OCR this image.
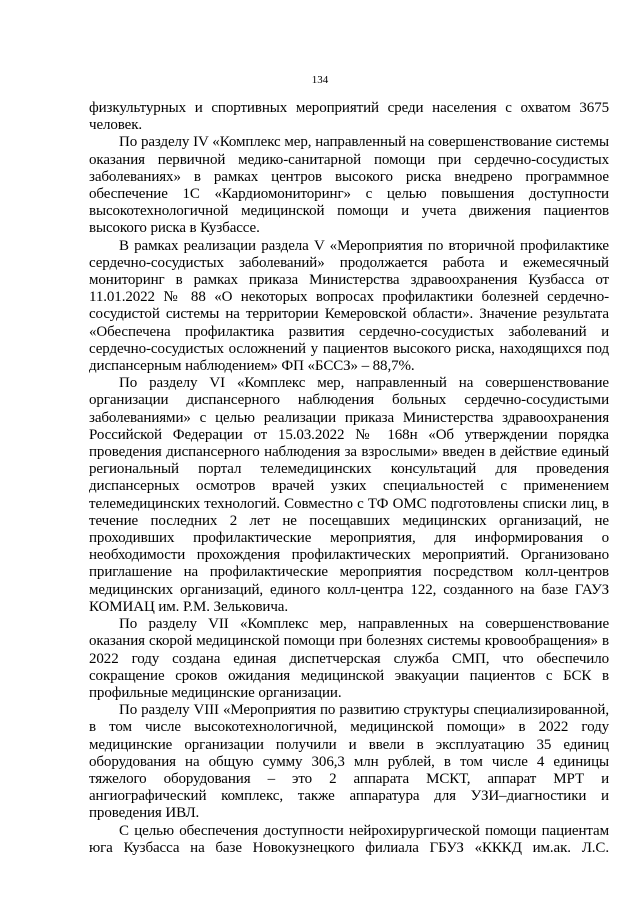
134

физкультурных и спортивных мероприятий среди населения с охватом 3675 человек.

По разделу IV «Комплекс мер, направленный на совершенствование системы оказания первичной медико-санитарной помощи при сердечно-сосудистых заболеваниях» в рамках центров высокого риска внедрено программное обеспечение 1С «Кардиомониторинг» с целью повышения доступности высокотехнологичной медицинской помощи и учета движения пациентов высокого риска в Кузбассе.

В рамках реализации раздела V «Мероприятия по вторичной профилактике сердечно-сосудистых заболеваний» продолжается работа и ежемесячный мониторинг в рамках приказа Министерства здравоохранения Кузбасса от 11.01.2022 № 88 «О некоторых вопросах профилактики болезней сердечно-сосудистой системы на территории Кемеровской области». Значение результата «Обеспечена профилактика развития сердечно-сосудистых заболеваний и сердечно-сосудистых осложнений у пациентов высокого риска, находящихся под диспансерным наблюдением» ФП «БССЗ» – 88,7%.

По разделу VI «Комплекс мер, направленный на совершенствование организации диспансерного наблюдения больных сердечно-сосудистыми заболеваниями» с целью реализации приказа Министерства здравоохранения Российской Федерации от 15.03.2022 № 168н «Об утверждении порядка проведения диспансерного наблюдения за взрослыми» введен в действие единый региональный портал телемедицинских консультаций для проведения диспансерных осмотров врачей узких специальностей с применением телемедицинских технологий. Совместно с ТФ ОМС подготовлены списки лиц, в течение последних 2 лет не посещавших медицинских организаций, не проходивших профилактические мероприятия, для информирования о необходимости прохождения профилактических мероприятий. Организовано приглашение на профилактические мероприятия посредством колл-центров медицинских организаций, единого колл-центра 122, созданного на базе ГАУЗ КОМИАЦ им. Р.М. Зельковича.

По разделу VII «Комплекс мер, направленных на совершенствование оказания скорой медицинской помощи при болезнях системы кровообращения» в 2022 году создана единая диспетчерская служба СМП, что обеспечило сокращение сроков ожидания медицинской эвакуации пациентов с БСК в профильные медицинские организации.

По разделу VIII «Мероприятия по развитию структуры специализированной, в том числе высокотехнологичной, медицинской помощи» в 2022 году медицинские организации получили и ввели в эксплуатацию 35 единиц оборудования на общую сумму 306,3 млн рублей, в том числе 4 единицы тяжелого оборудования – это 2 аппарата МСКТ, аппарат МРТ и ангиографический комплекс, также аппаратура для УЗИ–диагностики и проведения ИВЛ.

С целью обеспечения доступности нейрохирургической помощи пациентам юга Кузбасса на базе Новокузнецкого филиала ГБУЗ «КККД им.ак. Л.С.
